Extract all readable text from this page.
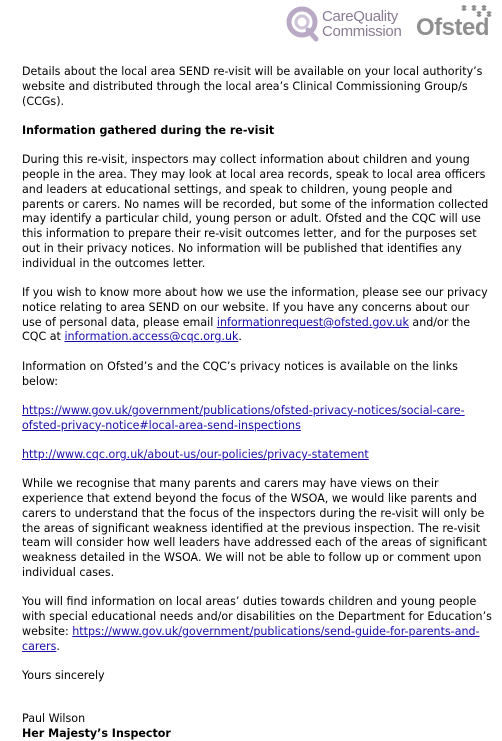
CareQuality
Commission Ofsted

Details about the local area SEND re-visit will be available on your local authority’s website and distributed through the local area’s Clinical Commissioning Group/s (CCGs).

Information gathered during the re-visit

During this re-visit, inspectors may collect information about children and young people in the area. They may look at local area records, speak to local area officers and leaders at educational settings, and speak to children, young people and parents or carers. No names will be recorded, but some of the information collected may identify a particular child, young person or adult. Ofsted and the CQC will use this information to prepare their re-visit outcomes letter, and for the purposes set out in their privacy notices. No information will be published that identifies any individual in the outcomes letter.

If you wish to know more about how we use the information, please see our privacy notice relating to area SEND on our website. If you have any concerns about our use of personal data, please email informationrequest@ofsted.gov.uk and/or the CQC at information.access@cqc.org.uk.

Information on Ofsted’s and the CQC’s privacy notices is available on the links below:

https://www.gov.uk/government/publications/ofsted-privacy-notices/social-care-ofsted-privacy-notice#local-area-send-inspections

http://www.cqc.org.uk/about-us/our-policies/privacy-statement

While we recognise that many parents and carers may have views on their experience that extend beyond the focus of the WSOA, we would like parents and carers to understand that the focus of the inspectors during the re-visit will only be the areas of significant weakness identified at the previous inspection. The re-visit team will consider how well leaders have addressed each of the areas of significant weakness detailed in the WSOA. We will not be able to follow up or comment upon individual cases.

You will find information on local areas’ duties towards children and young people with special educational needs and/or disabilities on the Department for Education’s website: https://www.gov.uk/government/publications/send-guide-for-parents-and-carers.

Yours sincerely

Paul Wilson

Her Majesty’s Inspector
